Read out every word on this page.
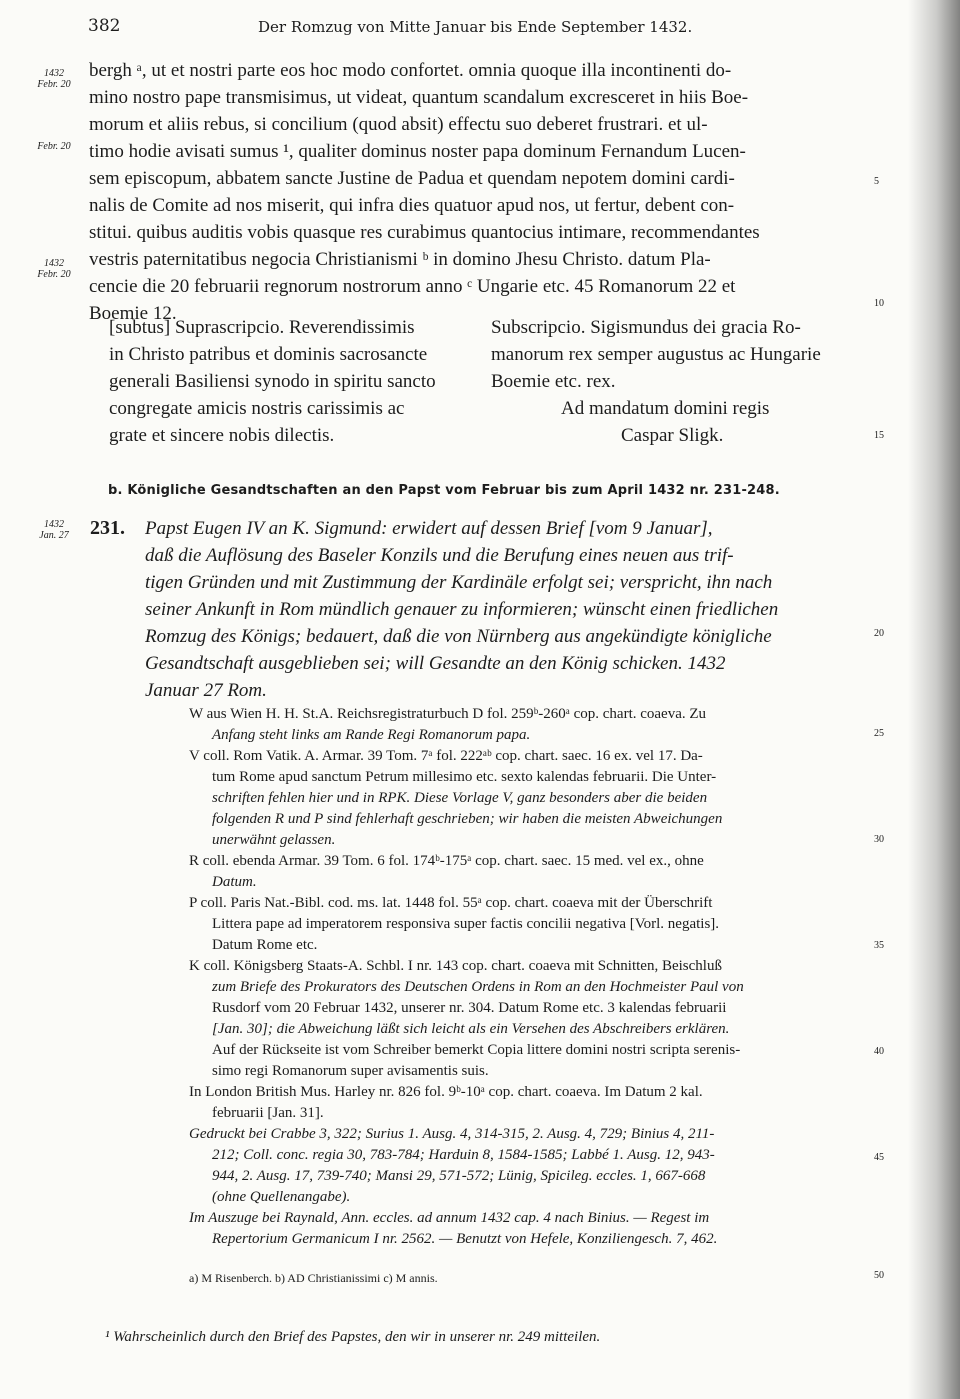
382	Der Romzug von Mitte Januar bis Ende September 1432.
1432
Febr. 20
Febr. 20
1432
Febr. 20
1432
Jan. 27
5
10
15
20
25
30
35
40
45
50
bergh ᵃ, ut et nostri parte eos hoc modo confortet. omnia quoque illa incontinenti do-
mino nostro pape transmisimus, ut videat, quantum scandalum excresceret in hiis Boe-
morum et aliis rebus, si concilium (quod absit) effectu suo deberet frustrari. et ul-
timo hodie avisati sumus ¹, qualiter dominus noster papa dominum Fernandum Lucen-
sem episcopum, abbatem sancte Justine de Padua et quendam nepotem domini cardi-
nalis de Comite ad nos miserit, qui infra dies quatuor apud nos, ut fertur, debent con-
stitui. quibus auditis vobis quasque res curabimus quantocius intimare, recommendantes
vestris paternitatibus negocia Christianismi ᵇ in domino Jhesu Christo. datum Pla-
cencie die 20 februarii regnorum nostrorum anno ᶜ Ungarie etc. 45 Romanorum 22 et
Boemie 12.
[subtus] Suprascripcio. Reverendissimis
in Christo patribus et dominis sacrosancte
generali Basiliensi synodo in spiritu sancto
congregate amicis nostris carissimis ac
grate et sincere nobis dilectis.
Subscripcio. Sigismundus dei gracia Ro-
manorum rex semper augustus ac Hungarie
Boemie etc. rex.
Ad mandatum domini regis
Caspar Sligk.
b. Königliche Gesandtschaften an den Papst vom Februar bis zum April 1432 nr. 231-248.
231. Papst Eugen IV an K. Sigmund: erwidert auf dessen Brief [vom 9 Januar],
daß die Auflösung des Baseler Konzils und die Berufung eines neuen aus trif-
tigen Gründen und mit Zustimmung der Kardinäle erfolgt sei; verspricht, ihn nach
seiner Ankunft in Rom mündlich genauer zu informieren; wünscht einen friedlichen
Romzug des Königs; bedauert, daß die von Nürnberg aus angekündigte königliche
Gesandtschaft ausgeblieben sei; will Gesandte an den König schicken. 1432
Januar 27 Rom.
W aus Wien H. H. St.A. Reichsregistraturbuch D fol. 259ᵇ-260ᵃ cop. chart. coaeva. Zu
Anfang steht links am Rande Regi Romanorum papa.
V coll. Rom Vatik. A. Armar. 39 Tom. 7ᵃ fol. 222ᵃᵇ cop. chart. saec. 16 ex. vel 17. Da-
tum Rome apud sanctum Petrum millesimo etc. sexto kalendas februarii. Die Unter-
schriften fehlen hier und in RPK. Diese Vorlage V, ganz besonders aber die beiden
folgenden R und P sind fehlerhaft geschrieben; wir haben die meisten Abweichungen
unerwähnt gelassen.
R coll. ebenda Armar. 39 Tom. 6 fol. 174ᵇ-175ᵃ cop. chart. saec. 15 med. vel ex., ohne
Datum.
P coll. Paris Nat.-Bibl. cod. ms. lat. 1448 fol. 55ᵃ cop. chart. coaeva mit der Überschrift
Littera pape ad imperatorem responsiva super factis concilii negativa [Vorl. negatis].
Datum Rome etc.
K coll. Königsberg Staats-A. Schbl. I nr. 143 cop. chart. coaeva mit Schnitten, Beischluß
zum Briefe des Prokurators des Deutschen Ordens in Rom an den Hochmeister Paul von
Rusdorf vom 20 Februar 1432, unserer nr. 304. Datum Rome etc. 3 kalendas februarii
[Jan. 30]; die Abweichung läßt sich leicht als ein Versehen des Abschreibers erklären.
Auf der Rückseite ist vom Schreiber bemerkt Copia littere domini nostri scripta serenis-
simo regi Romanorum super avisamentis suis.
In London British Mus. Harley nr. 826 fol. 9ᵇ-10ᵃ cop. chart. coaeva. Im Datum 2 kal.
februarii [Jan. 31].
Gedruckt bei Crabbe 3, 322; Surius 1. Ausg. 4, 314-315, 2. Ausg. 4, 729; Binius 4, 211-
212; Coll. conc. regia 30, 783-784; Harduin 8, 1584-1585; Labbé 1. Ausg. 12, 943-
944, 2. Ausg. 17, 739-740; Mansi 29, 571-572; Lünig, Spicileg. eccles. 1, 667-668
(ohne Quellenangabe).
Im Auszuge bei Raynald, Ann. eccles. ad annum 1432 cap. 4 nach Binius. — Regest im
Repertorium Germanicum I nr. 2562. — Benutzt von Hefele, Konziliengesch. 7, 462.
a) M Risenberch. b) AD Christianissimi c) M annis.
¹ Wahrscheinlich durch den Brief des Papstes, den wir in unserer nr. 249 mitteilen.
